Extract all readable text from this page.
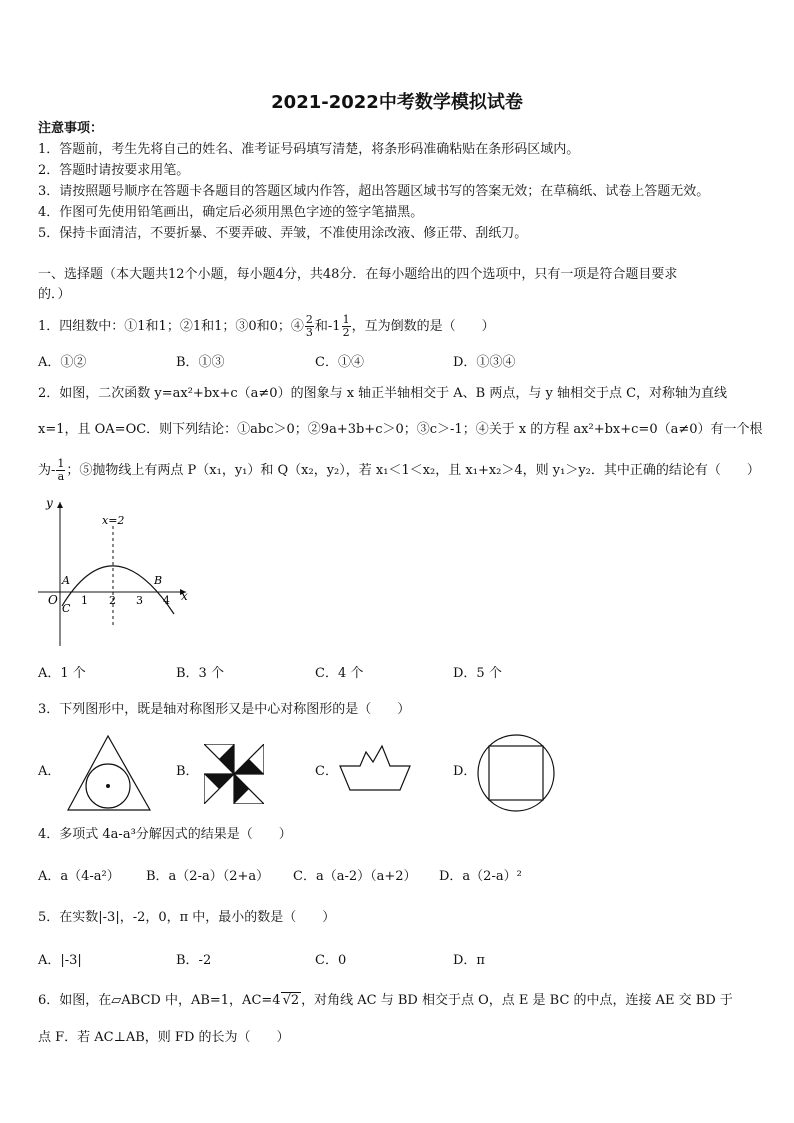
2021-2022中考数学模拟试卷
注意事项：
1．答题前，考生先将自己的姓名、准考证号码填写清楚，将条形码准确粘贴在条形码区域内。
2．答题时请按要求用笔。
3．请按照题号顺序在答题卡各题目的答题区域内作答，超出答题区域书写的答案无效；在草稿纸、试卷上答题无效。
4．作图可先使用铅笔画出，确定后必须用黑色字迹的签字笔描黑。
5．保持卡面清洁，不要折暴、不要弄破、弄皱，不准使用涂改液、修正带、刮纸刀。
一、选择题（本大题共12个小题，每小题4分，共48分．在每小题给出的四个选项中，只有一项是符合题目要求
的．）
1．四组数中：①1和1；②1和1；③0和0；④ $\frac{2}{3}$ 和$-1 \frac{1}{2}$ ，互为倒数的是（　　）
A．①②	B．①③	C．①④	D．①③④
2．如图，二次函数 y=ax²+bx+c（a≠0）的图象与 x 轴正半轴相交于 A、B 两点，与 y 轴相交于点 C，对称轴为直线
x=1，且 OA=OC．则下列结论：①abc＞0；②9a+3b+c＞0；③c＞-1；④关于 x 的方程 ax²+bx+c=0（a≠0）有一个根
为- $\frac{1}{a}$ ；⑤抛物线上有两点 P（x₁，y₁）和 Q（x₂，y₂），若 x₁＜1＜x₂，且 x₁+x₂＞4，则 y₁＞y₂．其中正确的结论有（　　）
y
x
x=2
O
A	B
C
1 2 3 4
A．1 个	B．3 个	C．4 个	D．5 个
3．下列图形中，既是轴对称图形又是中心对称图形的是（　　）
A．	B．	C．	D．
4．多项式 4a-a³分解因式的结果是（　　）
A．a（4-a²） B．a（2-a）（2+a） C．a（a-2）（a+2） D．a（2-a）²
5．在实数|-3|，-2，0，π 中，最小的数是（　　）
A．|-3|	B．-2	C．0	D．π
6．如图，在▱ABCD 中，AB=1，AC=4 √2 ，对角线 AC 与 BD 相交于点 O，点 E 是 BC 的中点，连接 AE 交 BD 于
点 F．若 AC⊥AB，则 FD 的长为（　　）
